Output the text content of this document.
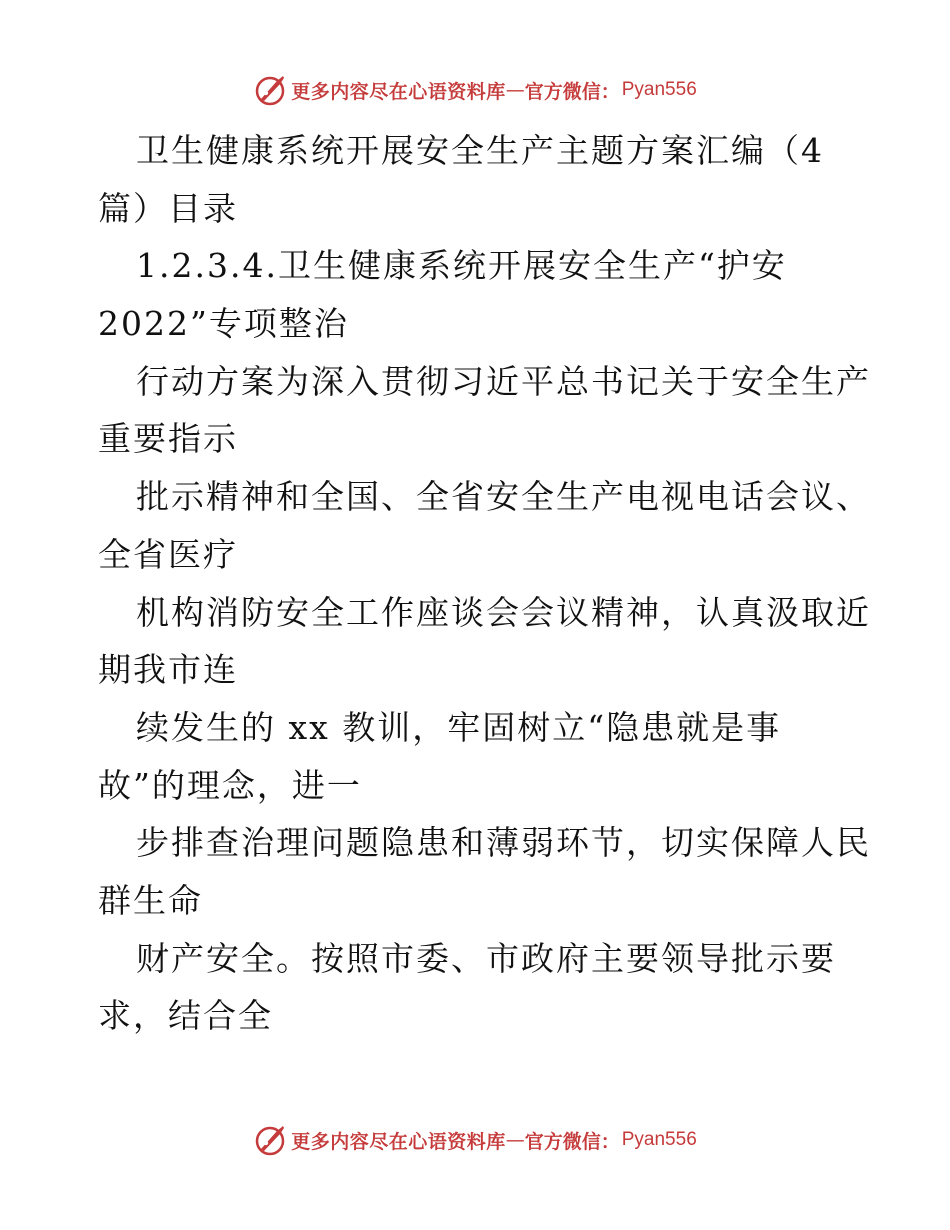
更多内容尽在心语资料库 — 官方微信： Pyan556
卫生健康系统开展安全生产主题方案汇编（4
篇）目录
1.2.3.4.卫生健康系统开展安全生产“护安
2022”专项整治
行动方案为深入贯彻习近平总书记关于安全生产
重要指示
批示精神和全国、全省安全生产电视电话会议、
全省医疗
机构消防安全工作座谈会会议精神，认真汲取近
期我市连
续发生的 xx 教训，牢固树立“隐患就是事
故”的理念，进一
步排查治理问题隐患和薄弱环节，切实保障人民
群生命
财产安全。按照市委、市政府主要领导批示要
求，结合全
更多内容尽在心语资料库 — 官方微信： Pyan556
